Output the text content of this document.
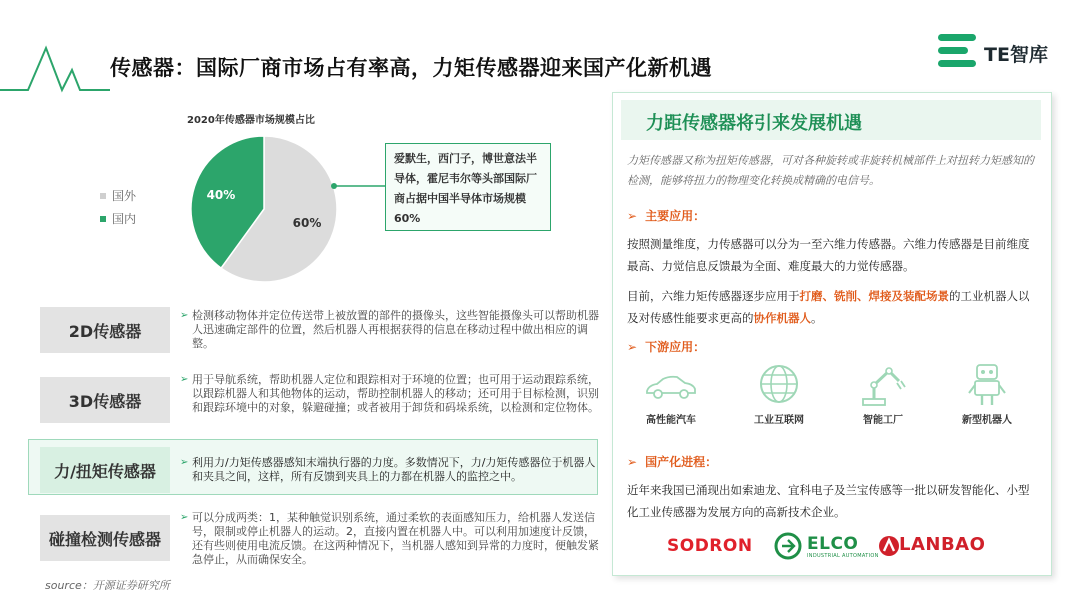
传感器：国际厂商市场占有率高，力矩传感器迎来国产化新机遇
TE智库
2020年传感器市场规模占比
国外
国内	60%
40%
爱默生，西门子，博世意法半导体，霍尼韦尔等头部国际厂商占据中国半导体市场规模60%
2D传感器
➢ 检测移动物体并定位传送带上被放置的部件的摄像头，这些智能摄像头可以帮助机器人迅速确定部件的位置，然后机器人再根据获得的信息在移动过程中做出相应的调整。
3D传感器
➢ 用于导航系统，帮助机器人定位和跟踪相对于环境的位置；也可用于运动跟踪系统，以跟踪机器人和其他物体的运动，帮助控制机器人的移动；还可用于目标检测，识别和跟踪环境中的对象，躲避碰撞；或者被用于卸货和码垛系统，以检测和定位物体。
力/扭矩传感器
➢	利用力/力矩传感器感知末端执行器的力度。多数情况下，力/力矩传感器位于机器人和夹具之间，这样，所有反馈到夹具上的力都在机器人的监控之中。
碰撞检测传感器
➢ 可以分成两类：1，某种触觉识别系统，通过柔软的表面感知压力，给机器人发送信号，限制或停止机器人的运动。2，直接内置在机器人中。可以利用加速度计反馈，还有些则使用电流反馈。在这两种情况下，当机器人感知到异常的力度时，便触发紧急停止，从而确保安全。
source：开源证券研究所
力距传感器将引来发展机遇
力矩传感器又称为扭矩传感器，可对各种旋转或非旋转机械部件上对扭转力矩感知的检测，能够将扭力的物理变化转换成精确的电信号。
➢ 主要应用：
按照测量维度，力传感器可以分为一至六维力传感器。六维力传感器是目前维度最高、力觉信息反馈最为全面、难度最大的力觉传感器。
目前，六维力矩传感器逐步应用于打磨、铣削、焊接及装配场景的工业机器人以及对传感性能要求更高的协作机器人。
➢ 下游应用：
高性能汽车	工业互联网	智能工厂	新型机器人
➢ 国产化进程：
近年来我国已涌现出如索迪龙、宜科电子及兰宝传感等一批以研发智能化、小型化工业传感器为发展方向的高新技术企业。
SODRON	ELCO
INDUSTRIAL AUTOMATION
LANBAO
